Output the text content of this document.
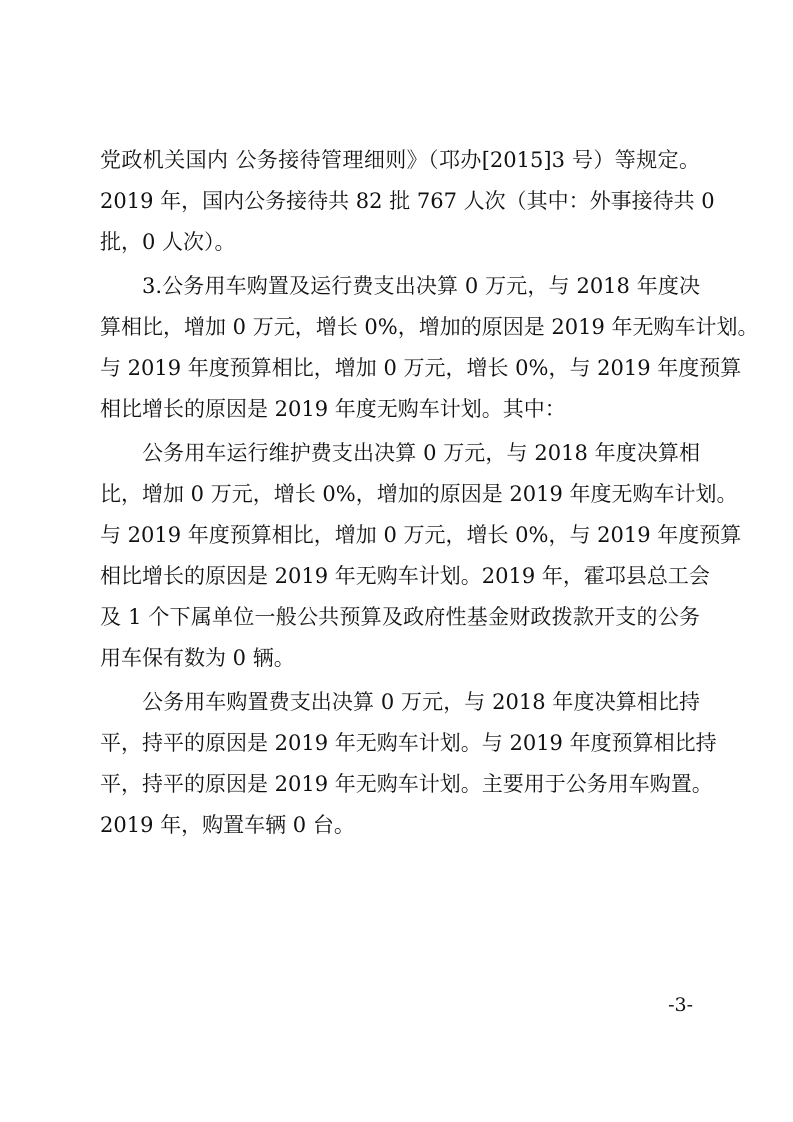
党政机关国内 公务接待管理细则》（邛办[2015]3 号）等规定。
2019 年，国内公务接待共 82 批 767 人次（其中：外事接待共 0
批，0 人次）。
3.公务用车购置及运行费支出决算 0 万元，与 2018 年度决
算相比，增加 0 万元，增长 0%，增加的原因是 2019 年无购车计划。
与 2019 年度预算相比，增加 0 万元，增长 0%，与 2019 年度预算
相比增长的原因是 2019 年度无购车计划。其中：
公务用车运行维护费支出决算 0 万元，与 2018 年度决算相
比，增加 0 万元，增长 0%，增加的原因是 2019 年度无购车计划。
与 2019 年度预算相比，增加 0 万元，增长 0%，与 2019 年度预算
相比增长的原因是 2019 年无购车计划。2019 年，霍邛县总工会
及 1 个下属单位一般公共预算及政府性基金财政拨款开支的公务
用车保有数为 0 辆。
公务用车购置费支出决算 0 万元，与 2018 年度决算相比持
平，持平的原因是 2019 年无购车计划。与 2019 年度预算相比持
平，持平的原因是 2019 年无购车计划。主要用于公务用车购置。
2019 年，购置车辆 0 台。
-3-
